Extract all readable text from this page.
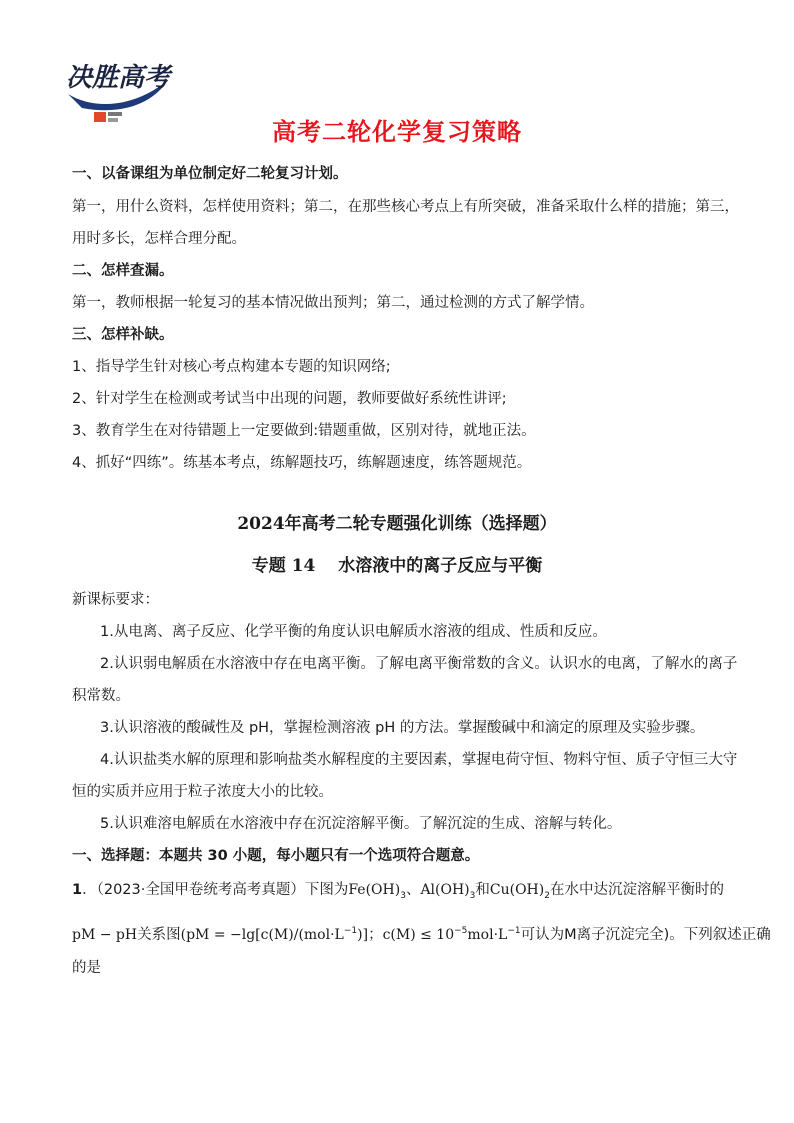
决胜高考
高考二轮化学复习策略
一、以备课组为单位制定好二轮复习计划。
第一，用什么资料，怎样使用资料；第二，在那些核心考点上有所突破，准备采取什么样的措施；第三，
用时多长，怎样合理分配。
二、怎样查漏。
第一，教师根据一轮复习的基本情况做出预判；第二，通过检测的方式了解学情。
三、怎样补缺。
1、指导学生针对核心考点构建本专题的知识网络;
2、针对学生在检测或考试当中出现的问题，教师要做好系统性讲评;
3、教育学生在对待错题上一定要做到:错题重做，区别对待，就地正法。
4、抓好“四练”。练基本考点，练解题技巧，练解题速度，练答题规范。
2024年高考二轮专题强化训练（选择题）
专题 14　 水溶液中的离子反应与平衡
新课标要求：
1.从电离、离子反应、化学平衡的角度认识电解质水溶液的组成、性质和反应。
2.认识弱电解质在水溶液中存在电离平衡。了解电离平衡常数的含义。认识水的电离，了解水的离子
积常数。
3.认识溶液的酸碱性及 pH，掌握检测溶液 pH 的方法。掌握酸碱中和滴定的原理及实验步骤。
4.认识盐类水解的原理和影响盐类水解程度的主要因素，掌握电荷守恒、物料守恒、质子守恒三大守
恒的实质并应用于粒子浓度大小的比较。
5.认识难溶电解质在水溶液中存在沉淀溶解平衡。了解沉淀的生成、溶解与转化。
一、选择题：本题共 30 小题，每小题只有一个选项符合题意。
1．（2023·全国甲卷统考高考真题）下图为$Fe(OH)_3$、$Al(OH)_3$和$Cu(OH)_2$在水中达沉淀溶解平衡时的
pM − pH关系图($pM = -\lg[c(M)/(mol\cdot L^{-1})]$；$c(M) \le 10^{-5}mol\cdot L^{-1}$可认为M离子沉淀完全)。下列叙述正确
的是
